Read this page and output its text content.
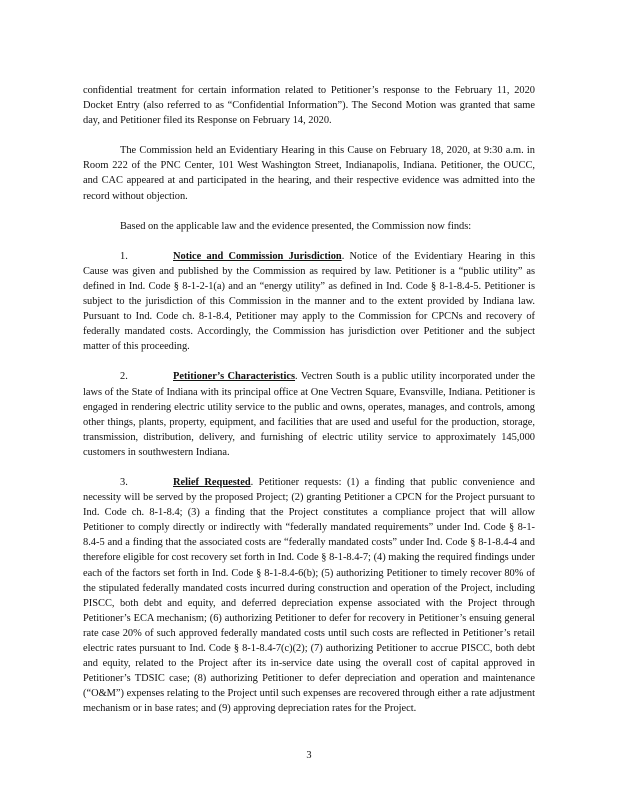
confidential treatment for certain information related to Petitioner’s response to the February 11, 2020 Docket Entry (also referred to as “Confidential Information”). The Second Motion was granted that same day, and Petitioner filed its Response on February 14, 2020.

The Commission held an Evidentiary Hearing in this Cause on February 18, 2020, at 9:30 a.m. in Room 222 of the PNC Center, 101 West Washington Street, Indianapolis, Indiana. Petitioner, the OUCC, and CAC appeared at and participated in the hearing, and their respective evidence was admitted into the record without objection.

Based on the applicable law and the evidence presented, the Commission now finds:

1.	Notice and Commission Jurisdiction. Notice of the Evidentiary Hearing in this Cause was given and published by the Commission as required by law. Petitioner is a “public utility” as defined in Ind. Code § 8-1-2-1(a) and an “energy utility” as defined in Ind. Code § 8-1-8.4-5. Petitioner is subject to the jurisdiction of this Commission in the manner and to the extent provided by Indiana law. Pursuant to Ind. Code ch. 8-1-8.4, Petitioner may apply to the Commission for CPCNs and recovery of federally mandated costs. Accordingly, the Commission has jurisdiction over Petitioner and the subject matter of this proceeding.

2.	Petitioner’s Characteristics. Vectren South is a public utility incorporated under the laws of the State of Indiana with its principal office at One Vectren Square, Evansville, Indiana. Petitioner is engaged in rendering electric utility service to the public and owns, operates, manages, and controls, among other things, plants, property, equipment, and facilities that are used and useful for the production, storage, transmission, distribution, delivery, and furnishing of electric utility service to approximately 145,000 customers in southwestern Indiana.

3.	Relief Requested. Petitioner requests: (1) a finding that public convenience and necessity will be served by the proposed Project; (2) granting Petitioner a CPCN for the Project pursuant to Ind. Code ch. 8-1-8.4; (3) a finding that the Project constitutes a compliance project that will allow Petitioner to comply directly or indirectly with “federally mandated requirements” under Ind. Code § 8-1-8.4-5 and a finding that the associated costs are “federally mandated costs” under Ind. Code § 8-1-8.4-4 and therefore eligible for cost recovery set forth in Ind. Code § 8-1-8.4-7; (4) making the required findings under each of the factors set forth in Ind. Code § 8-1-8.4-6(b); (5) authorizing Petitioner to timely recover 80% of the stipulated federally mandated costs incurred during construction and operation of the Project, including PISCC, both debt and equity, and deferred depreciation expense associated with the Project through Petitioner’s ECA mechanism; (6) authorizing Petitioner to defer for recovery in Petitioner’s ensuing general rate case 20% of such approved federally mandated costs until such costs are reflected in Petitioner’s retail electric rates pursuant to Ind. Code § 8-1-8.4-7(c)(2); (7) authorizing Petitioner to accrue PISCC, both debt and equity, related to the Project after its in-service date using the overall cost of capital approved in Petitioner’s TDSIC case; (8) authorizing Petitioner to defer depreciation and operation and maintenance (“O&M”) expenses relating to the Project until such expenses are recovered through either a rate adjustment mechanism or in base rates; and (9) approving depreciation rates for the Project.

3
